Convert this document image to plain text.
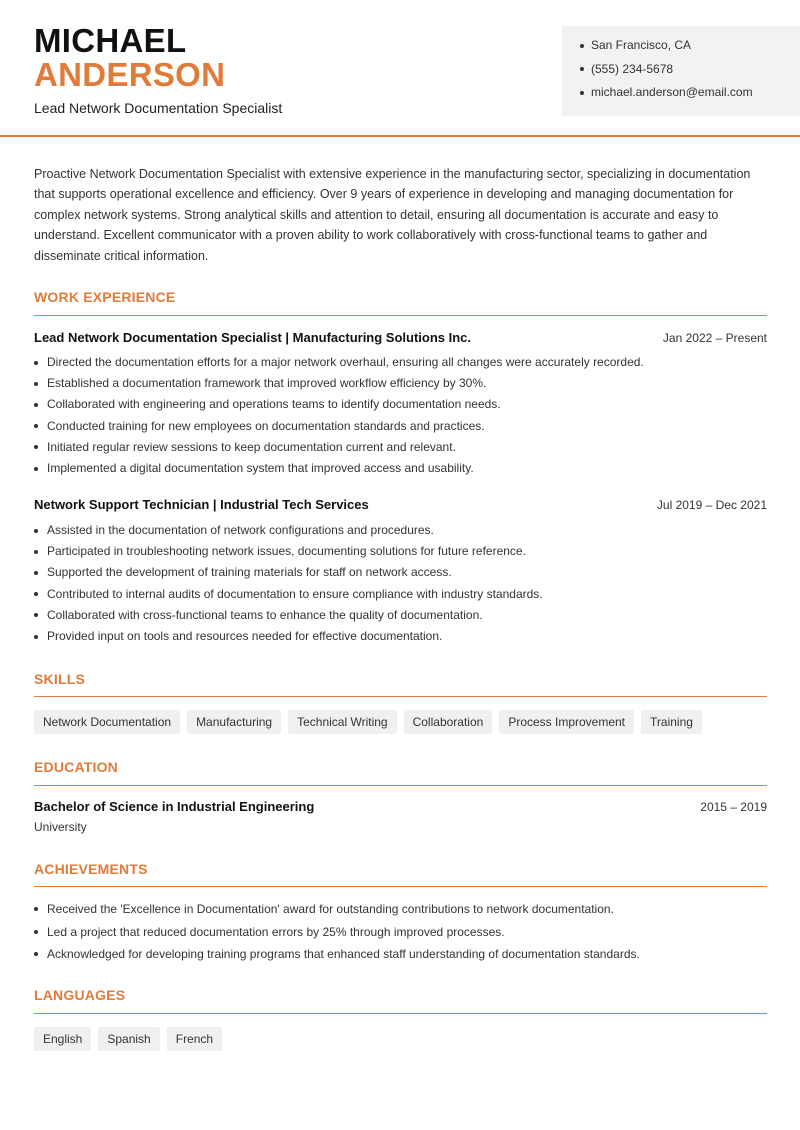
MICHAEL
ANDERSON
Lead Network Documentation Specialist
San Francisco, CA
(555) 234-5678
michael.anderson@email.com

Proactive Network Documentation Specialist with extensive experience in the manufacturing sector, specializing in documentation that supports operational excellence and efficiency. Over 9 years of experience in developing and managing documentation for complex network systems. Strong analytical skills and attention to detail, ensuring all documentation is accurate and easy to understand. Excellent communicator with a proven ability to work collaboratively with cross-functional teams to gather and disseminate critical information.

WORK EXPERIENCE
Lead Network Documentation Specialist | Manufacturing Solutions Inc.	Jan 2022 – Present
Directed the documentation efforts for a major network overhaul, ensuring all changes were accurately recorded.
Established a documentation framework that improved workflow efficiency by 30%.
Collaborated with engineering and operations teams to identify documentation needs.
Conducted training for new employees on documentation standards and practices.
Initiated regular review sessions to keep documentation current and relevant.
Implemented a digital documentation system that improved access and usability.
Network Support Technician | Industrial Tech Services	Jul 2019 – Dec 2021
Assisted in the documentation of network configurations and procedures.
Participated in troubleshooting network issues, documenting solutions for future reference.
Supported the development of training materials for staff on network access.
Contributed to internal audits of documentation to ensure compliance with industry standards.
Collaborated with cross-functional teams to enhance the quality of documentation.
Provided input on tools and resources needed for effective documentation.
SKILLS
Network Documentation	Manufacturing	Technical Writing	Collaboration	Process Improvement	Training
EDUCATION
Bachelor of Science in Industrial Engineering	2015 – 2019
University
ACHIEVEMENTS
Received the 'Excellence in Documentation' award for outstanding contributions to network documentation.
Led a project that reduced documentation errors by 25% through improved processes.
Acknowledged for developing training programs that enhanced staff understanding of documentation standards.
LANGUAGES
English	Spanish	French
